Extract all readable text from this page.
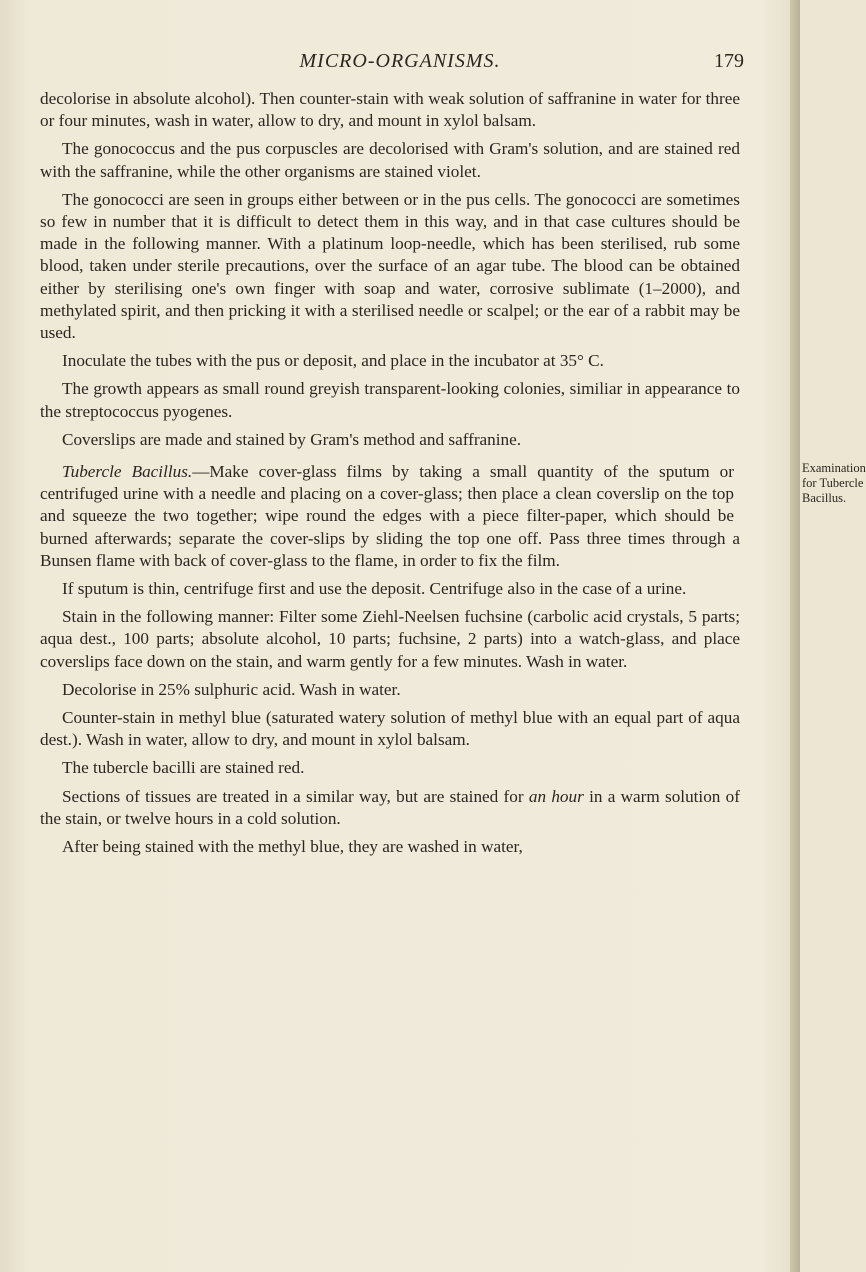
MICRO-ORGANISMS.	179

decolorise in absolute alcohol). Then counter-stain with weak solution of saffranine in water for three or four minutes, wash in water, allow to dry, and mount in xylol balsam.

The gonococcus and the pus corpuscles are decolorised with Gram's solution, and are stained red with the saffranine, while the other organisms are stained violet.

The gonococci are seen in groups either between or in the pus cells. The gonococci are sometimes so few in number that it is difficult to detect them in this way, and in that case cultures should be made in the following manner. With a platinum loop-needle, which has been sterilised, rub some blood, taken under sterile precautions, over the surface of an agar tube. The blood can be obtained either by sterilising one's own finger with soap and water, corrosive sublimate (1–2000), and methylated spirit, and then pricking it with a sterilised needle or scalpel; or the ear of a rabbit may be used.

Inoculate the tubes with the pus or deposit, and place in the incubator at 35° C.

The growth appears as small round greyish transparent-looking colonies, similiar in appearance to the streptococcus pyogenes.

Coverslips are made and stained by Gram's method and saffranine.

Examination for Tubercle Bacillus.
Tubercle Bacillus.—Make cover-glass films by taking a small quantity of the sputum or centrifuged urine with a needle and placing on a cover-glass; then place a clean coverslip on the top and squeeze the two together; wipe round the edges with a piece filter-paper, which should be burned afterwards; separate the cover-slips by sliding the top one off. Pass three times through a Bunsen flame with back of cover-glass to the flame, in order to fix the film.

If sputum is thin, centrifuge first and use the deposit. Centrifuge also in the case of a urine.

Stain in the following manner: Filter some Ziehl-Neelsen fuchsine (carbolic acid crystals, 5 parts; aqua dest., 100 parts; absolute alcohol, 10 parts; fuchsine, 2 parts) into a watch-glass, and place coverslips face down on the stain, and warm gently for a few minutes. Wash in water.

Decolorise in 25% sulphuric acid. Wash in water.

Counter-stain in methyl blue (saturated watery solution of methyl blue with an equal part of aqua dest.). Wash in water, allow to dry, and mount in xylol balsam.

The tubercle bacilli are stained red.

Sections of tissues are treated in a similar way, but are stained for an hour in a warm solution of the stain, or twelve hours in a cold solution.

After being stained with the methyl blue, they are washed in water,
